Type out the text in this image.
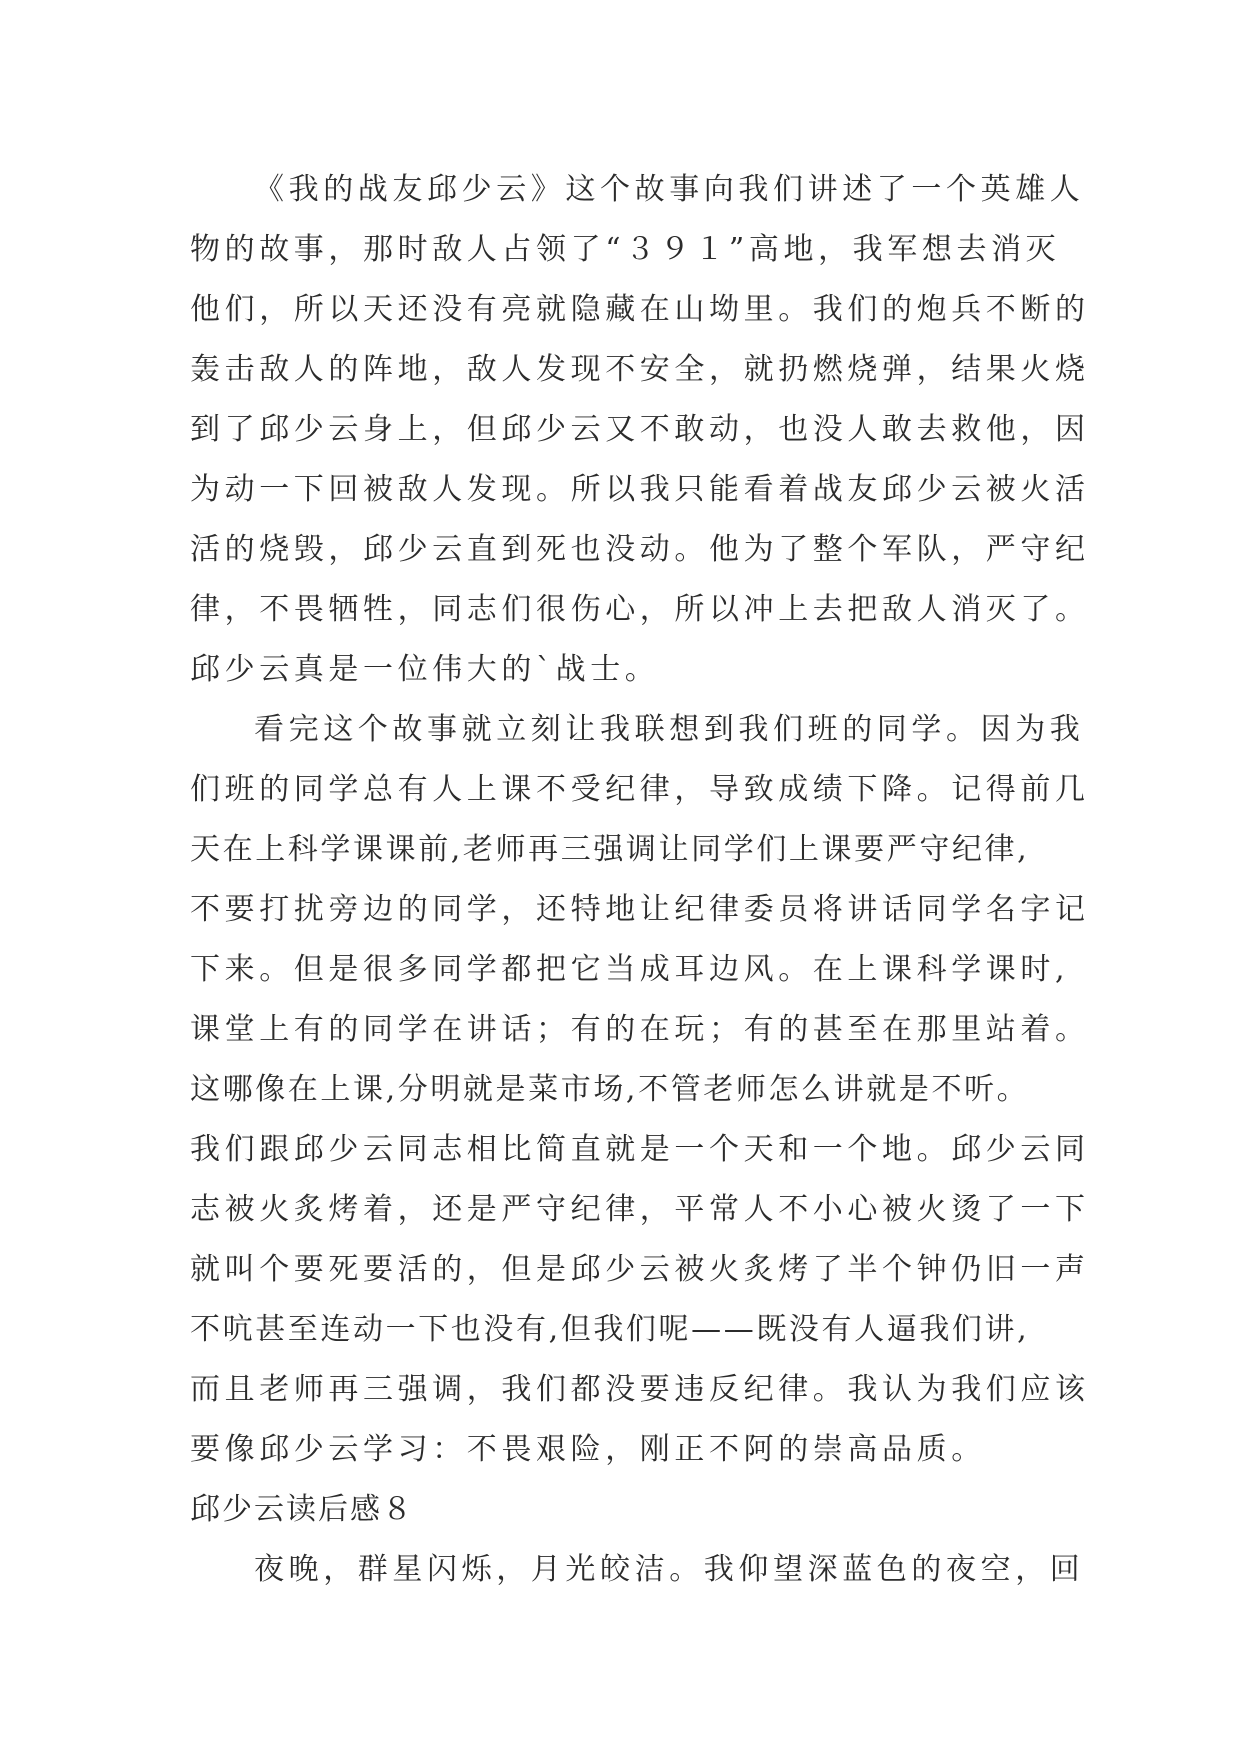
《我的战友邱少云》这个故事向我们讲述了一个英雄人
物的故事，那时敌人占领了“３９１”高地，我军想去消灭
他们，所以天还没有亮就隐藏在山坳里。我们的炮兵不断的
轰击敌人的阵地，敌人发现不安全，就扔燃烧弹，结果火烧
到了邱少云身上，但邱少云又不敢动，也没人敢去救他，因
为动一下回被敌人发现。所以我只能看着战友邱少云被火活
活的烧毁，邱少云直到死也没动。他为了整个军队，严守纪
律，不畏牺牲，同志们很伤心，所以冲上去把敌人消灭了。
邱少云真是一位伟大的`战士。
看完这个故事就立刻让我联想到我们班的同学。因为我
们班的同学总有人上课不受纪律，导致成绩下降。记得前几
天在上科学课课前,老师再三强调让同学们上课要严守纪律,
不要打扰旁边的同学，还特地让纪律委员将讲话同学名字记
下来。但是很多同学都把它当成耳边风。在上课科学课时,
课堂上有的同学在讲话；有的在玩；有的甚至在那里站着。
这哪像在上课,分明就是菜市场,不管老师怎么讲就是不听。
我们跟邱少云同志相比简直就是一个天和一个地。邱少云同
志被火炙烤着，还是严守纪律，平常人不小心被火烫了一下
就叫个要死要活的，但是邱少云被火炙烤了半个钟仍旧一声
不吭甚至连动一下也没有,但我们呢——既没有人逼我们讲,
而且老师再三强调，我们都没要违反纪律。我认为我们应该
要像邱少云学习：不畏艰险，刚正不阿的崇高品质。
邱少云读后感８
夜晚，群星闪烁，月光皎洁。我仰望深蓝色的夜空，回
